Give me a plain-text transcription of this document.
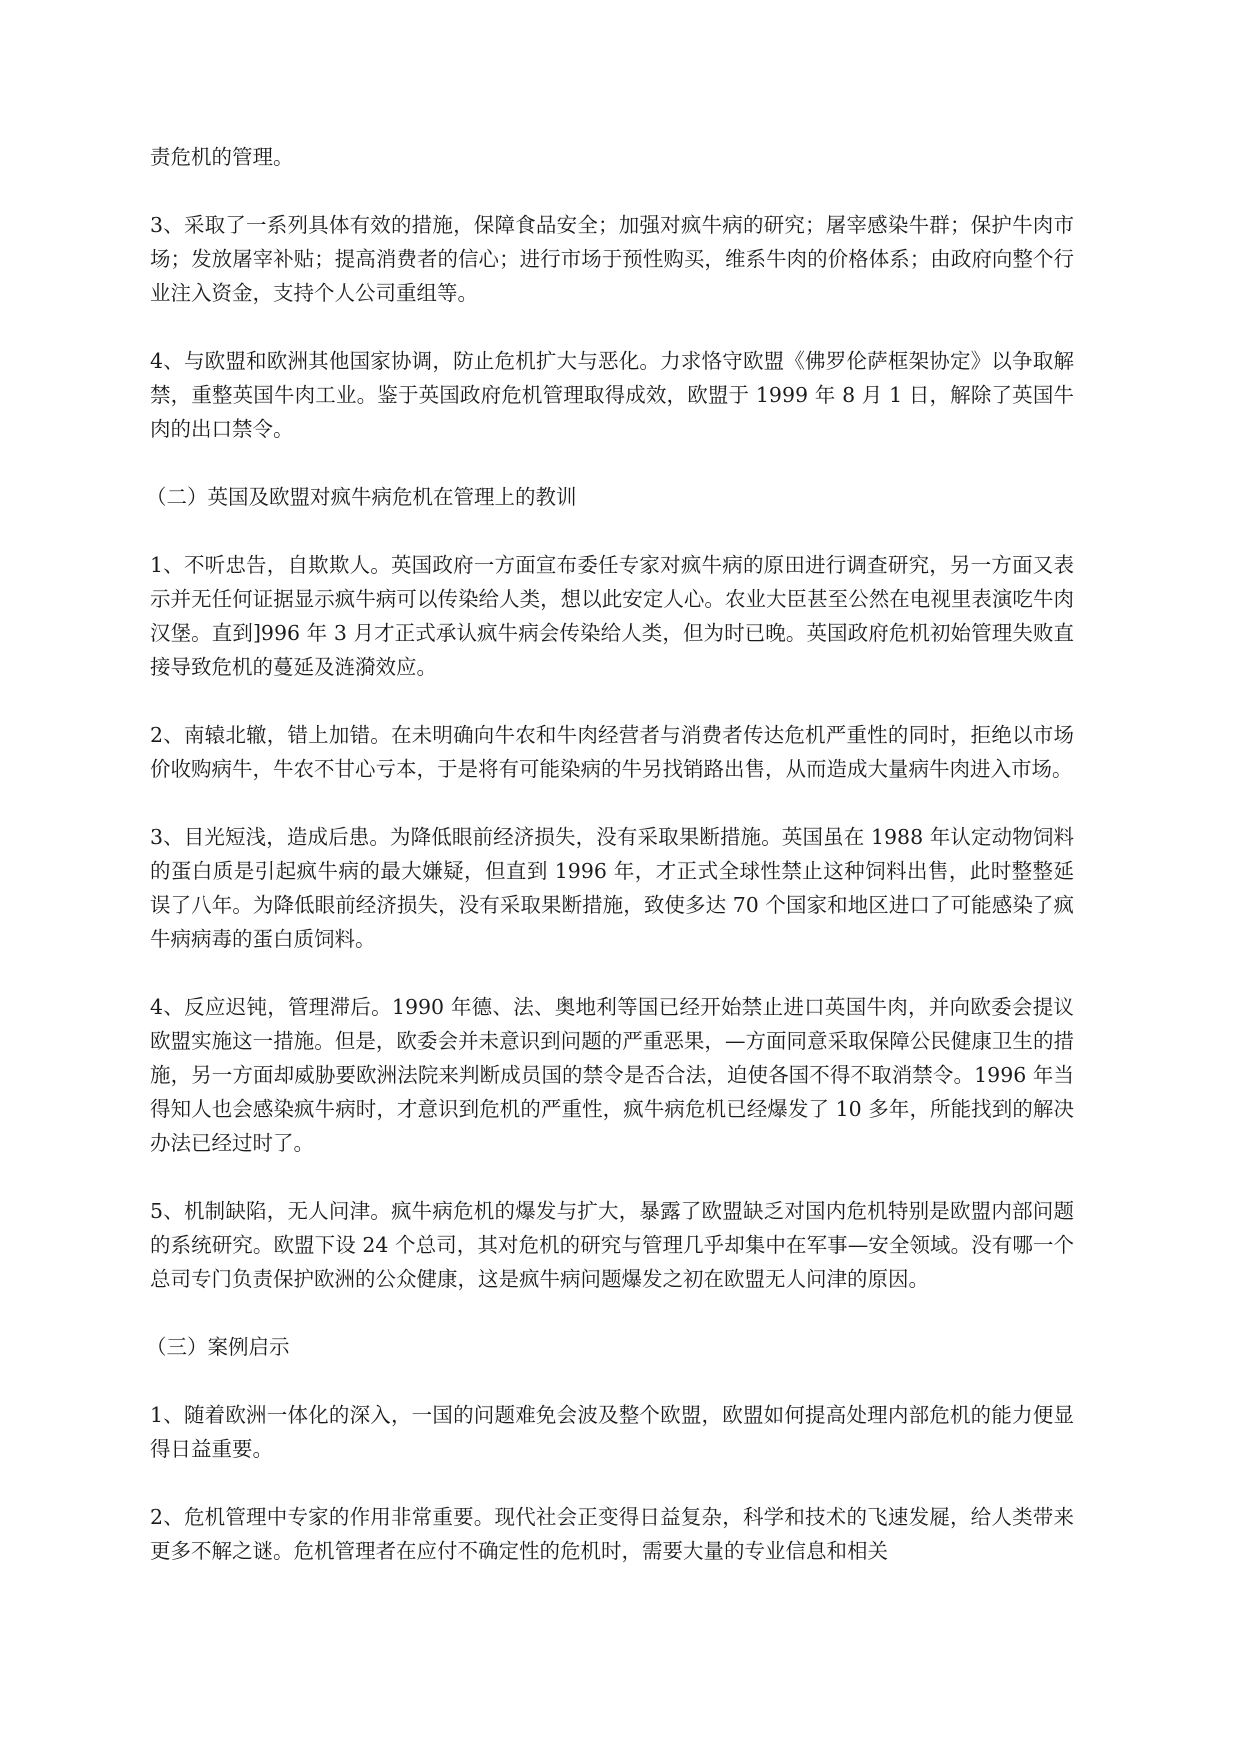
责危机的管理。

3、采取了一系列具体有效的措施，保障食品安全；加强对疯牛病的研究；屠宰感染牛群；保护牛肉市场；发放屠宰补贴；提高消费者的信心；进行市场于预性购买，维系牛肉的价格体系；由政府向整个行业注入资金，支持个人公司重组等。

4、与欧盟和欧洲其他国家协调，防止危机扩大与恶化。力求恪守欧盟《佛罗伦萨框架协定》以争取解禁，重整英国牛肉工业。鉴于英国政府危机管理取得成效，欧盟于 1999 年 8 月 1 日，解除了英国牛肉的出口禁令。

（二）英国及欧盟对疯牛病危机在管理上的教训

1、不听忠告，自欺欺人。英国政府一方面宣布委任专家对疯牛病的原田进行调查研究，另一方面又表示并无任何证据显示疯牛病可以传染给人类，想以此安定人心。农业大臣甚至公然在电视里表演吃牛肉汉堡。直到]996 年 3 月才正式承认疯牛病会传染给人类，但为时已晚。英国政府危机初始管理失败直接导致危机的蔓延及涟漪效应。

2、南辕北辙，错上加错。在未明确向牛农和牛肉经营者与消费者传达危机严重性的同时，拒绝以市场价收购病牛，牛农不甘心亏本，于是将有可能染病的牛另找销路出售，从而造成大量病牛肉进入市场。

3、目光短浅，造成后患。为降低眼前经济损失，没有采取果断措施。英国虽在 1988 年认定动物饲料的蛋白质是引起疯牛病的最大嫌疑，但直到 1996 年，才正式全球性禁止这种饲料出售，此时整整延误了八年。为降低眼前经济损失，没有采取果断措施，致使多达 70 个国家和地区进口了可能感染了疯牛病病毒的蛋白质饲料。

4、反应迟钝，管理滞后。1990 年德、法、奥地利等国已经开始禁止进口英国牛肉，并向欧委会提议欧盟实施这一措施。但是，欧委会并未意识到问题的严重恶果，—方面同意采取保障公民健康卫生的措施，另一方面却威胁要欧洲法院来判断成员国的禁令是否合法，迫使各国不得不取消禁令。1996 年当得知人也会感染疯牛病时，才意识到危机的严重性，疯牛病危机已经爆发了 10 多年，所能找到的解决办法已经过时了。

5、机制缺陷，无人问津。疯牛病危机的爆发与扩大，暴露了欧盟缺乏对国内危机特别是欧盟内部问题的系统研究。欧盟下设 24 个总司，其对危机的研究与管理几乎却集中在军事—安全领域。没有哪一个总司专门负责保护欧洲的公众健康，这是疯牛病问题爆发之初在欧盟无人问津的原因。

（三）案例启示

1、随着欧洲一体化的深入，一国的问题难免会波及整个欧盟，欧盟如何提高处理内部危机的能力便显得日益重要。

2、危机管理中专家的作用非常重要。现代社会正变得日益复杂，科学和技术的飞速发屣，给人类带来更多不解之谜。危机管理者在应付不确定性的危机时，需要大量的专业信息和相关
